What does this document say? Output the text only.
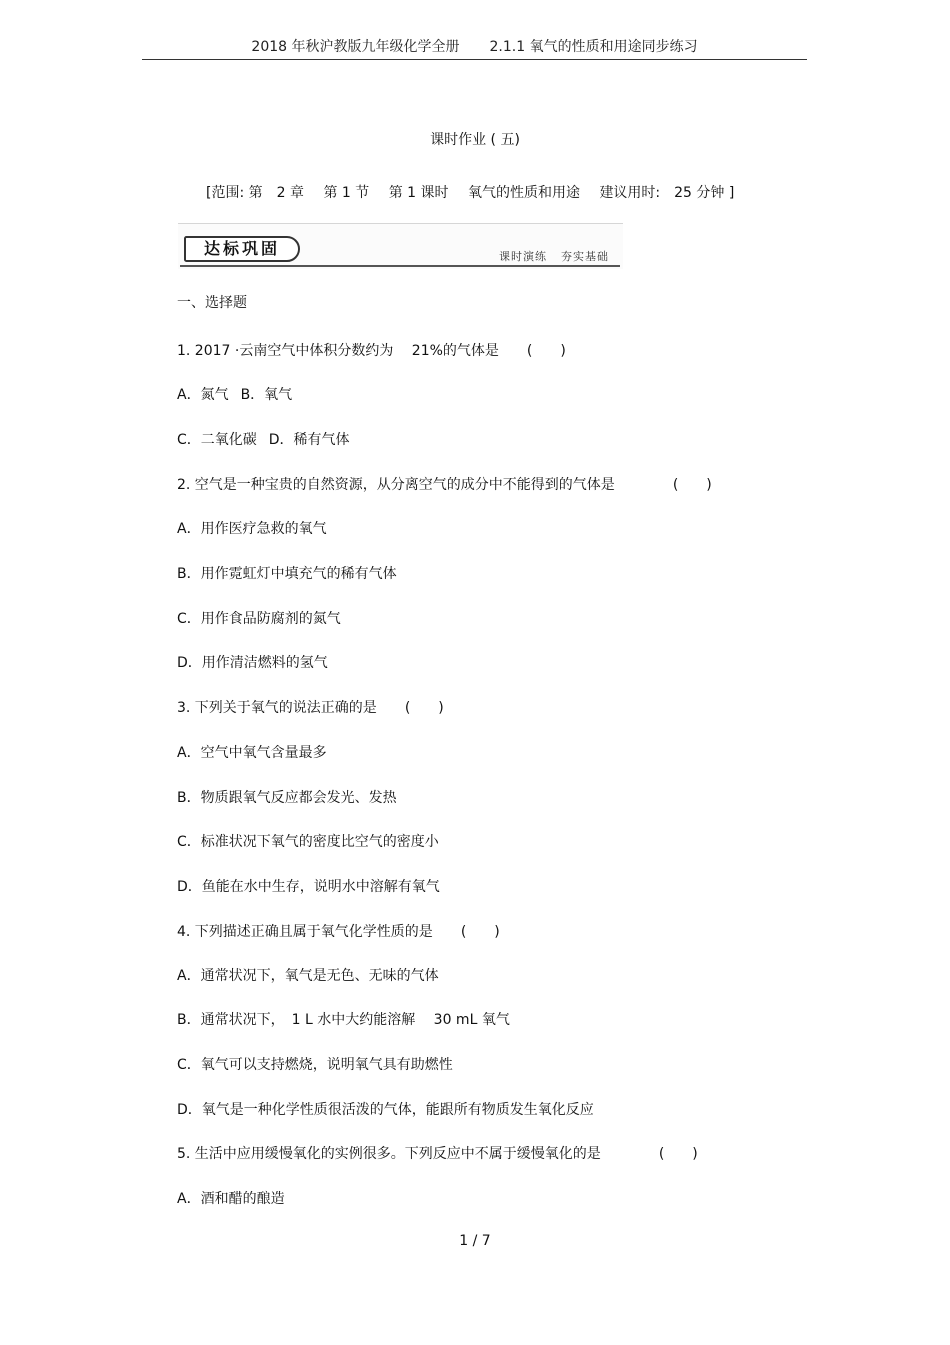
2018 年秋沪教版九年级化学全册 2.1.1 氧气的性质和用途同步练习
课时作业 ( 五)
[范围: 第　2 章 第 1 节 第 1 课时 氧气的性质和用途 建议用时:　25 分钟 ]
达标巩固	课时演练 夯实基础
一、选择题
1. 2017 ·云南空气中体积分数约为　 21%的气体是 (　　)
A．氮气 B．氧气
C．二氧化碳 D．稀有气体
2. 空气是一种宝贵的自然资源，从分离空气的成分中不能得到的气体是	(　　)
A．用作医疗急救的氧气
B．用作霓虹灯中填充气的稀有气体
C．用作食品防腐剂的氮气
D．用作清洁燃料的氢气
3. 下列关于氧气的说法正确的是 (　　)
A．空气中氧气含量最多
B．物质跟氧气反应都会发光、发热
C．标准状况下氧气的密度比空气的密度小
D．鱼能在水中生存，说明水中溶解有氧气
4. 下列描述正确且属于氧气化学性质的是 (　　)
A．通常状况下，氧气是无色、无味的气体
B．通常状况下，　1 L 水中大约能溶解　 30 mL 氧气
C．氧气可以支持燃烧，说明氧气具有助燃性
D．氧气是一种化学性质很活泼的气体，能跟所有物质发生氧化反应
5. 生活中应用缓慢氧化的实例很多。下列反应中不属于缓慢氧化的是	(　　)
A．酒和醋的酿造
1 / 7
